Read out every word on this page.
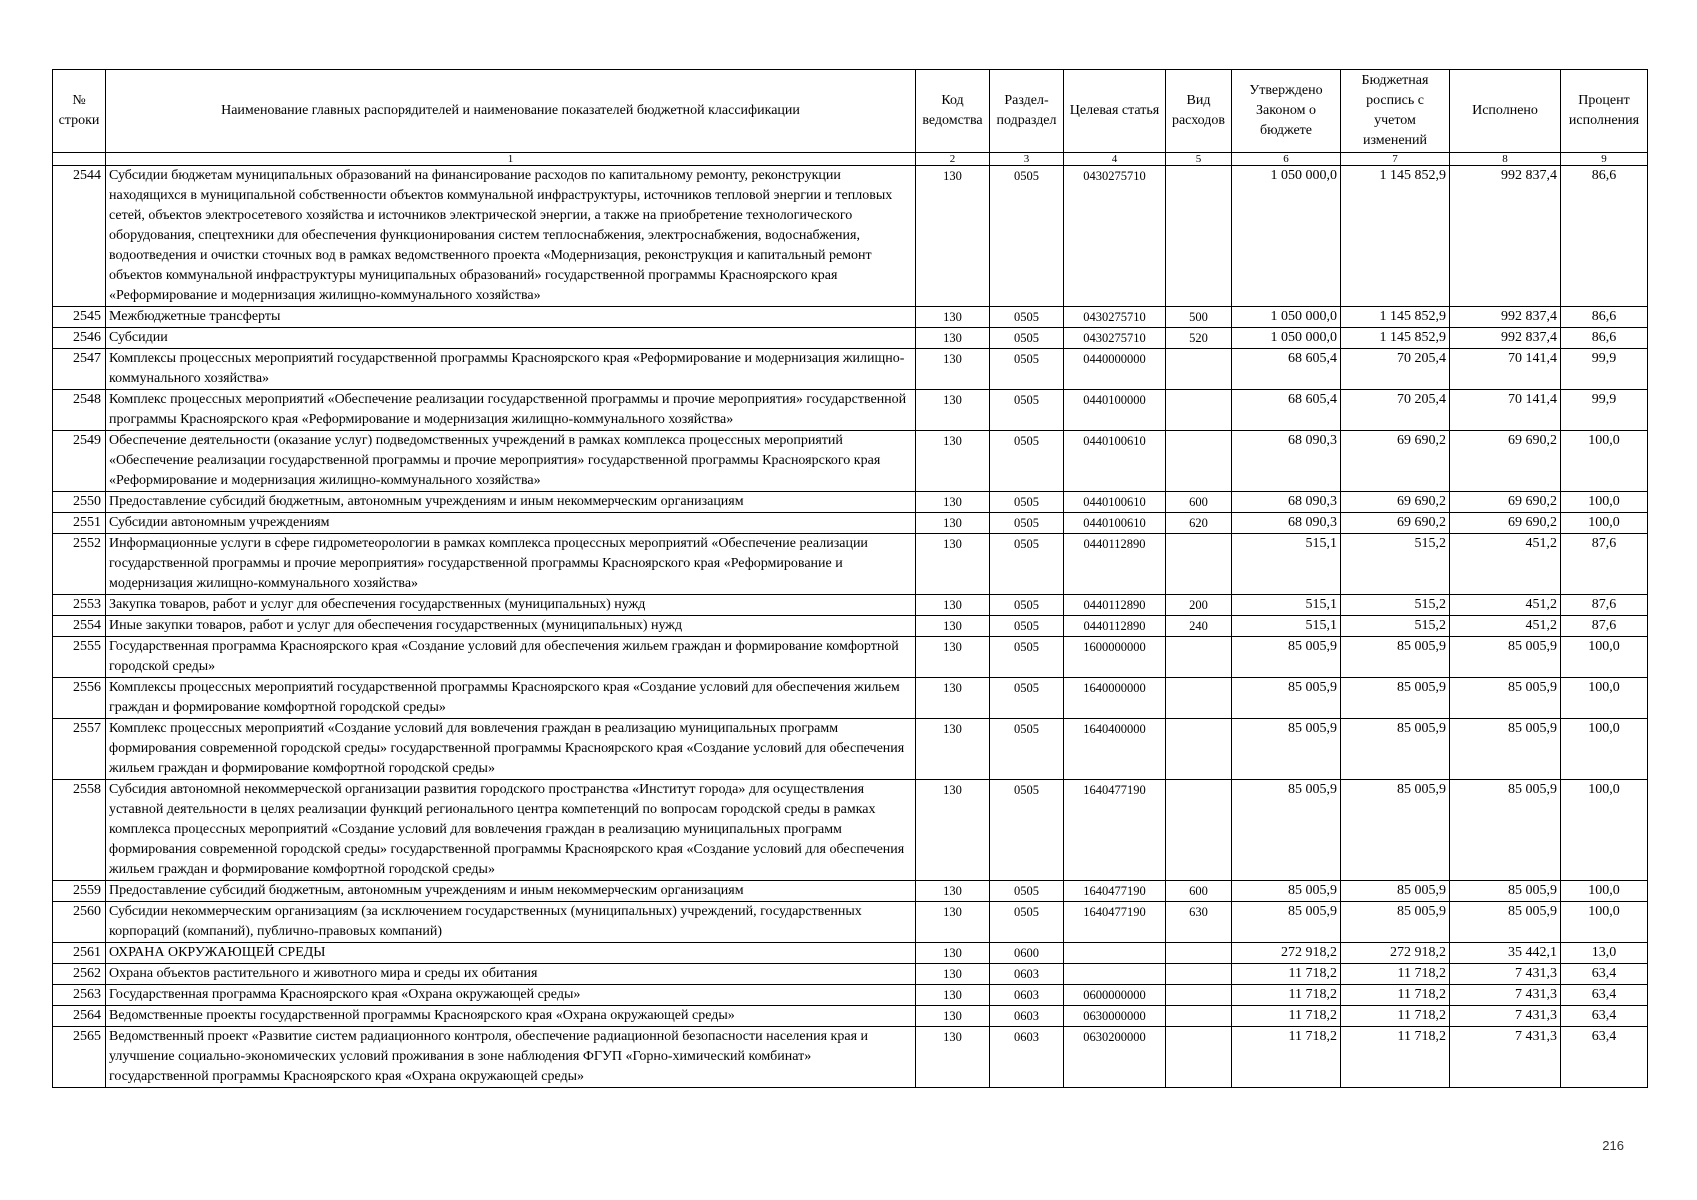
№ строки	Наименование главных распорядителей и наименование показателей бюджетной классификации	Код ведомства	Раздел-подраздел	Целевая статья	Вид расходов	Утверждено Законом о бюджете	Бюджетная роспись с учетом изменений	Исполнено	Процент исполнения
	1	2	3	4	5	6	7	8	9
2544	Субсидии бюджетам муниципальных образований на финансирование расходов по капитальному ремонту, реконструкции находящихся в муниципальной собственности объектов коммунальной инфраструктуры, источников тепловой энергии и тепловых сетей, объектов электросетевого хозяйства и источников электрической энергии, а также на приобретение технологического оборудования, спецтехники для обеспечения функционирования систем теплоснабжения, электроснабжения, водоснабжения, водоотведения и очистки сточных вод в рамках ведомственного проекта «Модернизация, реконструкция и капитальный ремонт объектов коммунальной инфраструктуры муниципальных образований» государственной программы Красноярского края «Реформирование и модернизация жилищно-коммунального хозяйства»	130	0505	0430275710		1 050 000,0	1 145 852,9	992 837,4	86,6
2545	Межбюджетные трансферты	130	0505	0430275710	500	1 050 000,0	1 145 852,9	992 837,4	86,6
2546	Субсидии	130	0505	0430275710	520	1 050 000,0	1 145 852,9	992 837,4	86,6
2547	Комплексы процессных мероприятий государственной программы Красноярского края «Реформирование и модернизация жилищно-коммунального хозяйства»	130	0505	0440000000		68 605,4	70 205,4	70 141,4	99,9
2548	Комплекс процессных мероприятий «Обеспечение реализации государственной программы и прочие мероприятия» государственной программы Красноярского края «Реформирование и модернизация жилищно-коммунального хозяйства»	130	0505	0440100000		68 605,4	70 205,4	70 141,4	99,9
2549	Обеспечение деятельности (оказание услуг) подведомственных учреждений в рамках комплекса процессных мероприятий «Обеспечение реализации государственной программы и прочие мероприятия» государственной программы Красноярского края «Реформирование и модернизация жилищно-коммунального хозяйства»	130	0505	0440100610		68 090,3	69 690,2	69 690,2	100,0
2550	Предоставление субсидий бюджетным, автономным учреждениям и иным некоммерческим организациям	130	0505	0440100610	600	68 090,3	69 690,2	69 690,2	100,0
2551	Субсидии автономным учреждениям	130	0505	0440100610	620	68 090,3	69 690,2	69 690,2	100,0
2552	Информационные услуги в сфере гидрометеорологии в рамках комплекса процессных мероприятий «Обеспечение реализации государственной программы и прочие мероприятия» государственной программы Красноярского края «Реформирование и модернизация жилищно-коммунального хозяйства»	130	0505	0440112890		515,1	515,2	451,2	87,6
2553	Закупка товаров, работ и услуг для обеспечения государственных (муниципальных) нужд	130	0505	0440112890	200	515,1	515,2	451,2	87,6
2554	Иные закупки товаров, работ и услуг для обеспечения государственных (муниципальных) нужд	130	0505	0440112890	240	515,1	515,2	451,2	87,6
2555	Государственная программа Красноярского края «Создание условий для обеспечения жильем граждан и формирование комфортной городской среды»	130	0505	1600000000		85 005,9	85 005,9	85 005,9	100,0
2556	Комплексы процессных мероприятий государственной программы Красноярского края «Создание условий для обеспечения жильем граждан и формирование комфортной городской среды»	130	0505	1640000000		85 005,9	85 005,9	85 005,9	100,0
2557	Комплекс процессных мероприятий «Создание условий для вовлечения граждан в реализацию муниципальных программ формирования современной городской среды» государственной программы Красноярского края «Создание условий для обеспечения жильем граждан и формирование комфортной городской среды»	130	0505	1640400000		85 005,9	85 005,9	85 005,9	100,0
2558	Субсидия автономной некоммерческой организации развития городского пространства «Институт города» для осуществления уставной деятельности в целях реализации функций регионального центра компетенций по вопросам городской среды в рамках комплекса процессных мероприятий «Создание условий для вовлечения граждан в реализацию муниципальных программ формирования современной городской среды» государственной программы Красноярского края «Создание условий для обеспечения жильем граждан и формирование комфортной городской среды»	130	0505	1640477190		85 005,9	85 005,9	85 005,9	100,0
2559	Предоставление субсидий бюджетным, автономным учреждениям и иным некоммерческим организациям	130	0505	1640477190	600	85 005,9	85 005,9	85 005,9	100,0
2560	Субсидии некоммерческим организациям (за исключением государственных (муниципальных) учреждений, государственных корпораций (компаний), публично-правовых компаний)	130	0505	1640477190	630	85 005,9	85 005,9	85 005,9	100,0
2561	ОХРАНА ОКРУЖАЮЩЕЙ СРЕДЫ	130	0600			272 918,2	272 918,2	35 442,1	13,0
2562	Охрана объектов растительного и животного мира и среды их обитания	130	0603			11 718,2	11 718,2	7 431,3	63,4
2563	Государственная программа Красноярского края «Охрана окружающей среды»	130	0603	0600000000		11 718,2	11 718,2	7 431,3	63,4
2564	Ведомственные проекты государственной программы Красноярского края «Охрана окружающей среды»	130	0603	0630000000		11 718,2	11 718,2	7 431,3	63,4
2565	Ведомственный проект «Развитие систем радиационного контроля, обеспечение радиационной безопасности населения края и улучшение социально-экономических условий проживания в зоне наблюдения ФГУП «Горно-химический комбинат» государственной программы Красноярского края «Охрана окружающей среды»	130	0603	0630200000		11 718,2	11 718,2	7 431,3	63,4
216
